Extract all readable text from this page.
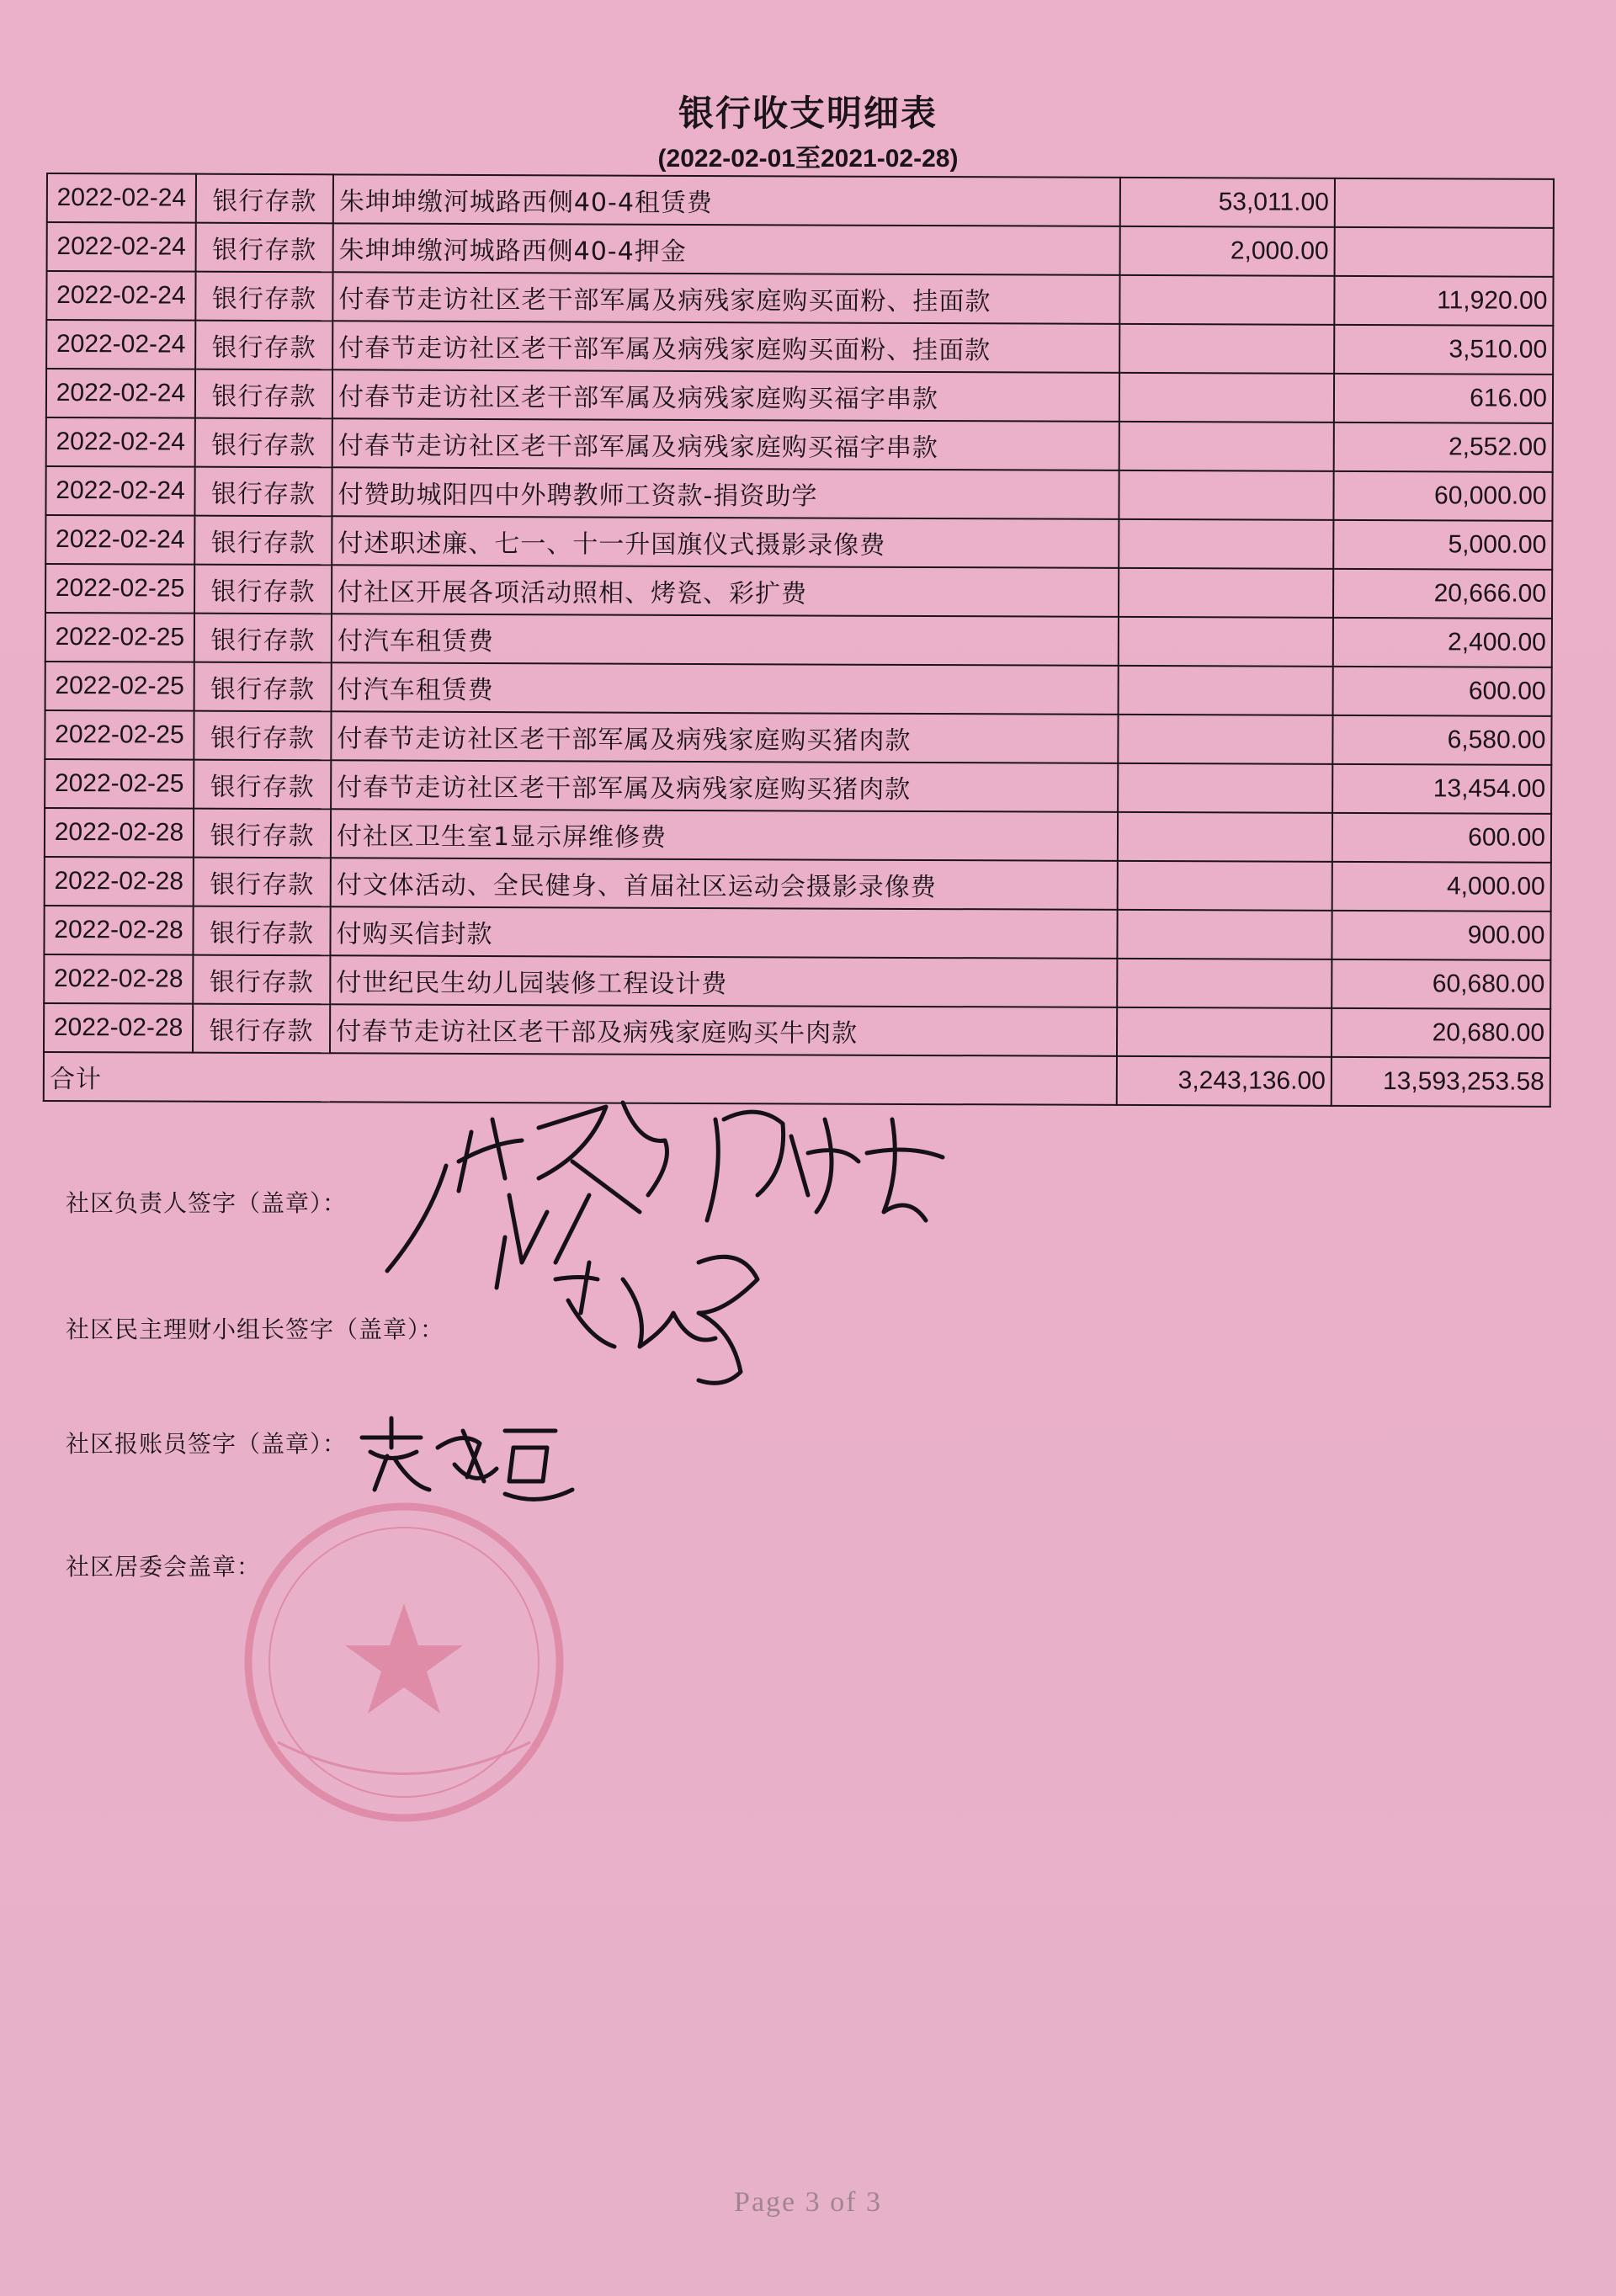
银行收支明细表
(2022-02-01至2021-02-28)
2022-02-24	银行存款	朱坤坤缴河城路西侧40-4租赁费	53,011.00	
2022-02-24	银行存款	朱坤坤缴河城路西侧40-4押金	2,000.00	
2022-02-24	银行存款	付春节走访社区老干部军属及病残家庭购买面粉、挂面款		11,920.00
2022-02-24	银行存款	付春节走访社区老干部军属及病残家庭购买面粉、挂面款		3,510.00
2022-02-24	银行存款	付春节走访社区老干部军属及病残家庭购买福字串款		616.00
2022-02-24	银行存款	付春节走访社区老干部军属及病残家庭购买福字串款		2,552.00
2022-02-24	银行存款	付赞助城阳四中外聘教师工资款-捐资助学		60,000.00
2022-02-24	银行存款	付述职述廉、七一、十一升国旗仪式摄影录像费		5,000.00
2022-02-25	银行存款	付社区开展各项活动照相、烤瓷、彩扩费		20,666.00
2022-02-25	银行存款	付汽车租赁费		2,400.00
2022-02-25	银行存款	付汽车租赁费		600.00
2022-02-25	银行存款	付春节走访社区老干部军属及病残家庭购买猪肉款		6,580.00
2022-02-25	银行存款	付春节走访社区老干部军属及病残家庭购买猪肉款		13,454.00
2022-02-28	银行存款	付社区卫生室1显示屏维修费		600.00
2022-02-28	银行存款	付文体活动、全民健身、首届社区运动会摄影录像费		4,000.00
2022-02-28	银行存款	付购买信封款		900.00
2022-02-28	银行存款	付世纪民生幼儿园装修工程设计费		60,680.00
2022-02-28	银行存款	付春节走访社区老干部及病残家庭购买牛肉款		20,680.00
合计			3,243,136.00	13,593,253.58
社区负责人签字（盖章）：
社区民主理财小组长签字（盖章）：
社区报账员签字（盖章）：
社区居委会盖章：
Page 3 of 3
